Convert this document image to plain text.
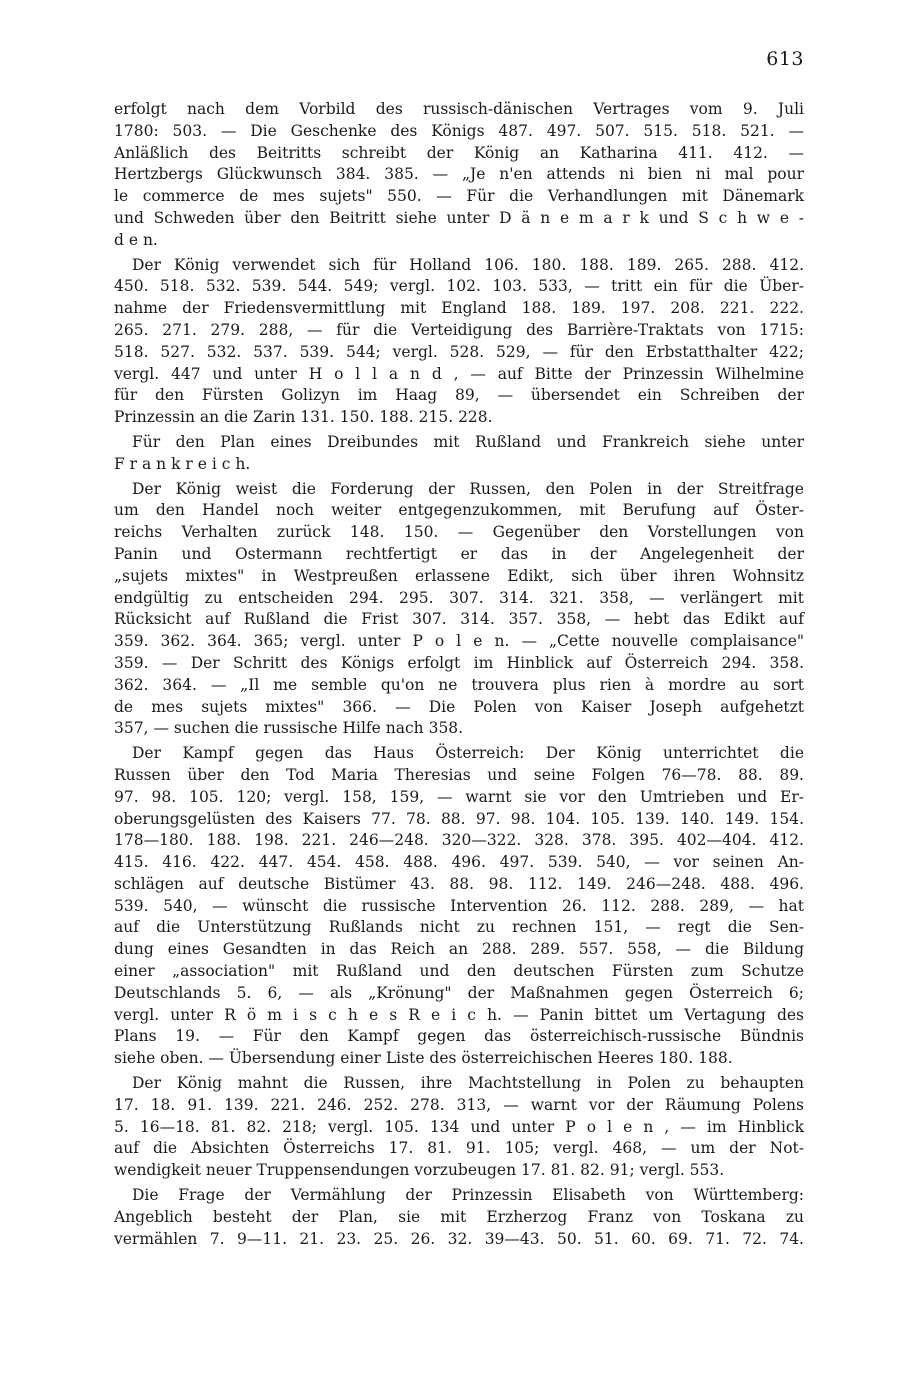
613
erfolgt nach dem Vorbild des russisch-dänischen Vertrages vom 9. Juli
1780: 503. — Die Geschenke des Königs 487. 497. 507. 515. 518. 521. —
Anläßlich des Beitritts schreibt der König an Katharina 411. 412. —
Hertzbergs Glückwunsch 384. 385. — „Je n'en attends ni bien ni mal pour
le commerce de mes sujets" 550. — Für die Verhandlungen mit Dänemark
und Schweden über den Beitritt siehe unter D ä n e m a r k und S c h w e -
d e n.
Der König verwendet sich für Holland 106. 180. 188. 189. 265. 288. 412.
450. 518. 532. 539. 544. 549; vergl. 102. 103. 533, — tritt ein für die Über-
nahme der Friedensvermittlung mit England 188. 189. 197. 208. 221. 222.
265. 271. 279. 288, — für die Verteidigung des Barrière-Traktats von 1715:
518. 527. 532. 537. 539. 544; vergl. 528. 529, — für den Erbstatthalter 422;
vergl. 447 und unter H o l l a n d , — auf Bitte der Prinzessin Wilhelmine
für den Fürsten Golizyn im Haag 89, — übersendet ein Schreiben der
Prinzessin an die Zarin 131. 150. 188. 215. 228.
Für den Plan eines Dreibundes mit Rußland und Frankreich siehe unter
F r a n k r e i c h.
Der König weist die Forderung der Russen, den Polen in der Streitfrage
um den Handel noch weiter entgegenzukommen, mit Berufung auf Öster-
reichs Verhalten zurück 148. 150. — Gegenüber den Vorstellungen von
Panin und Ostermann rechtfertigt er das in der Angelegenheit der
„sujets mixtes" in Westpreußen erlassene Edikt, sich über ihren Wohnsitz
endgültig zu entscheiden 294. 295. 307. 314. 321. 358, — verlängert mit
Rücksicht auf Rußland die Frist 307. 314. 357. 358, — hebt das Edikt auf
359. 362. 364. 365; vergl. unter P o l e n. — „Cette nouvelle complaisance"
359. — Der Schritt des Königs erfolgt im Hinblick auf Österreich 294. 358.
362. 364. — „Il me semble qu'on ne trouvera plus rien à mordre au sort
de mes sujets mixtes" 366. — Die Polen von Kaiser Joseph aufgehetzt
357, — suchen die russische Hilfe nach 358.
Der Kampf gegen das Haus Österreich: Der König unterrichtet die
Russen über den Tod Maria Theresias und seine Folgen 76—78. 88. 89.
97. 98. 105. 120; vergl. 158, 159, — warnt sie vor den Umtrieben und Er-
oberungsgelüsten des Kaisers 77. 78. 88. 97. 98. 104. 105. 139. 140. 149. 154.
178—180. 188. 198. 221. 246—248. 320—322. 328. 378. 395. 402—404. 412.
415. 416. 422. 447. 454. 458. 488. 496. 497. 539. 540, — vor seinen An-
schlägen auf deutsche Bistümer 43. 88. 98. 112. 149. 246—248. 488. 496.
539. 540, — wünscht die russische Intervention 26. 112. 288. 289, — hat
auf die Unterstützung Rußlands nicht zu rechnen 151, — regt die Sen-
dung eines Gesandten in das Reich an 288. 289. 557. 558, — die Bildung
einer „association" mit Rußland und den deutschen Fürsten zum Schutze
Deutschlands 5. 6, — als „Krönung" der Maßnahmen gegen Österreich 6;
vergl. unter R ö m i s c h e s R e i c h. — Panin bittet um Vertagung des
Plans 19. — Für den Kampf gegen das österreichisch-russische Bündnis
siehe oben. — Übersendung einer Liste des österreichischen Heeres 180. 188.
Der König mahnt die Russen, ihre Machtstellung in Polen zu behaupten
17. 18. 91. 139. 221. 246. 252. 278. 313, — warnt vor der Räumung Polens
5. 16—18. 81. 82. 218; vergl. 105. 134 und unter P o l e n , — im Hinblick
auf die Absichten Österreichs 17. 81. 91. 105; vergl. 468, — um der Not-
wendigkeit neuer Truppensendungen vorzubeugen 17. 81. 82. 91; vergl. 553.
Die Frage der Vermählung der Prinzessin Elisabeth von Württemberg:
Angeblich besteht der Plan, sie mit Erzherzog Franz von Toskana zu
vermählen 7. 9—11. 21. 23. 25. 26. 32. 39—43. 50. 51. 60. 69. 71. 72. 74.
